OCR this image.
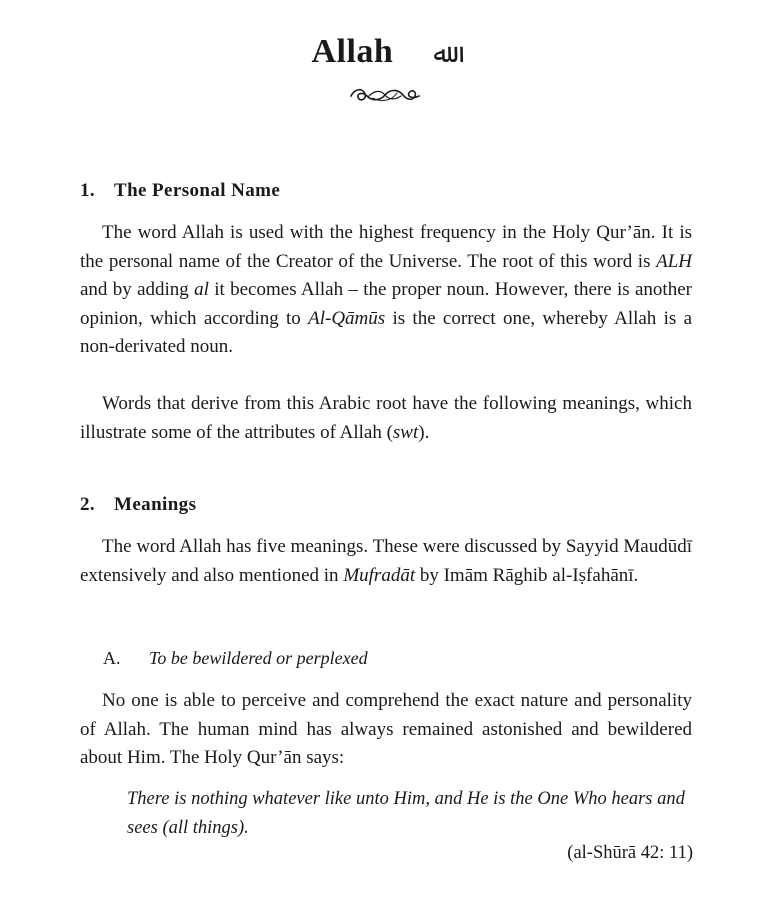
Allah ﷲ
1. The Personal Name

The word Allah is used with the highest frequency in the Holy Qur’ān. It is the personal name of the Creator of the Universe. The root of this word is ALH and by adding al it becomes Allah – the proper noun. However, there is another opinion, which according to Al-Qāmūs is the correct one, whereby Allah is a non-derivated noun.

Words that derive from this Arabic root have the following meanings, which illustrate some of the attributes of Allah (swt).

2. Meanings

The word Allah has five meanings. These were discussed by Sayyid Maudūdī extensively and also mentioned in Mufradāt by Imām Rāghib al-Iṣfahānī.

A. To be bewildered or perplexed

No one is able to perceive and comprehend the exact nature and personality of Allah. The human mind has always remained astonished and bewildered about Him. The Holy Qur’ān says:

There is nothing whatever like unto Him, and He is the One Who hears and sees (all things).

(al-Shūrā 42: 11)
